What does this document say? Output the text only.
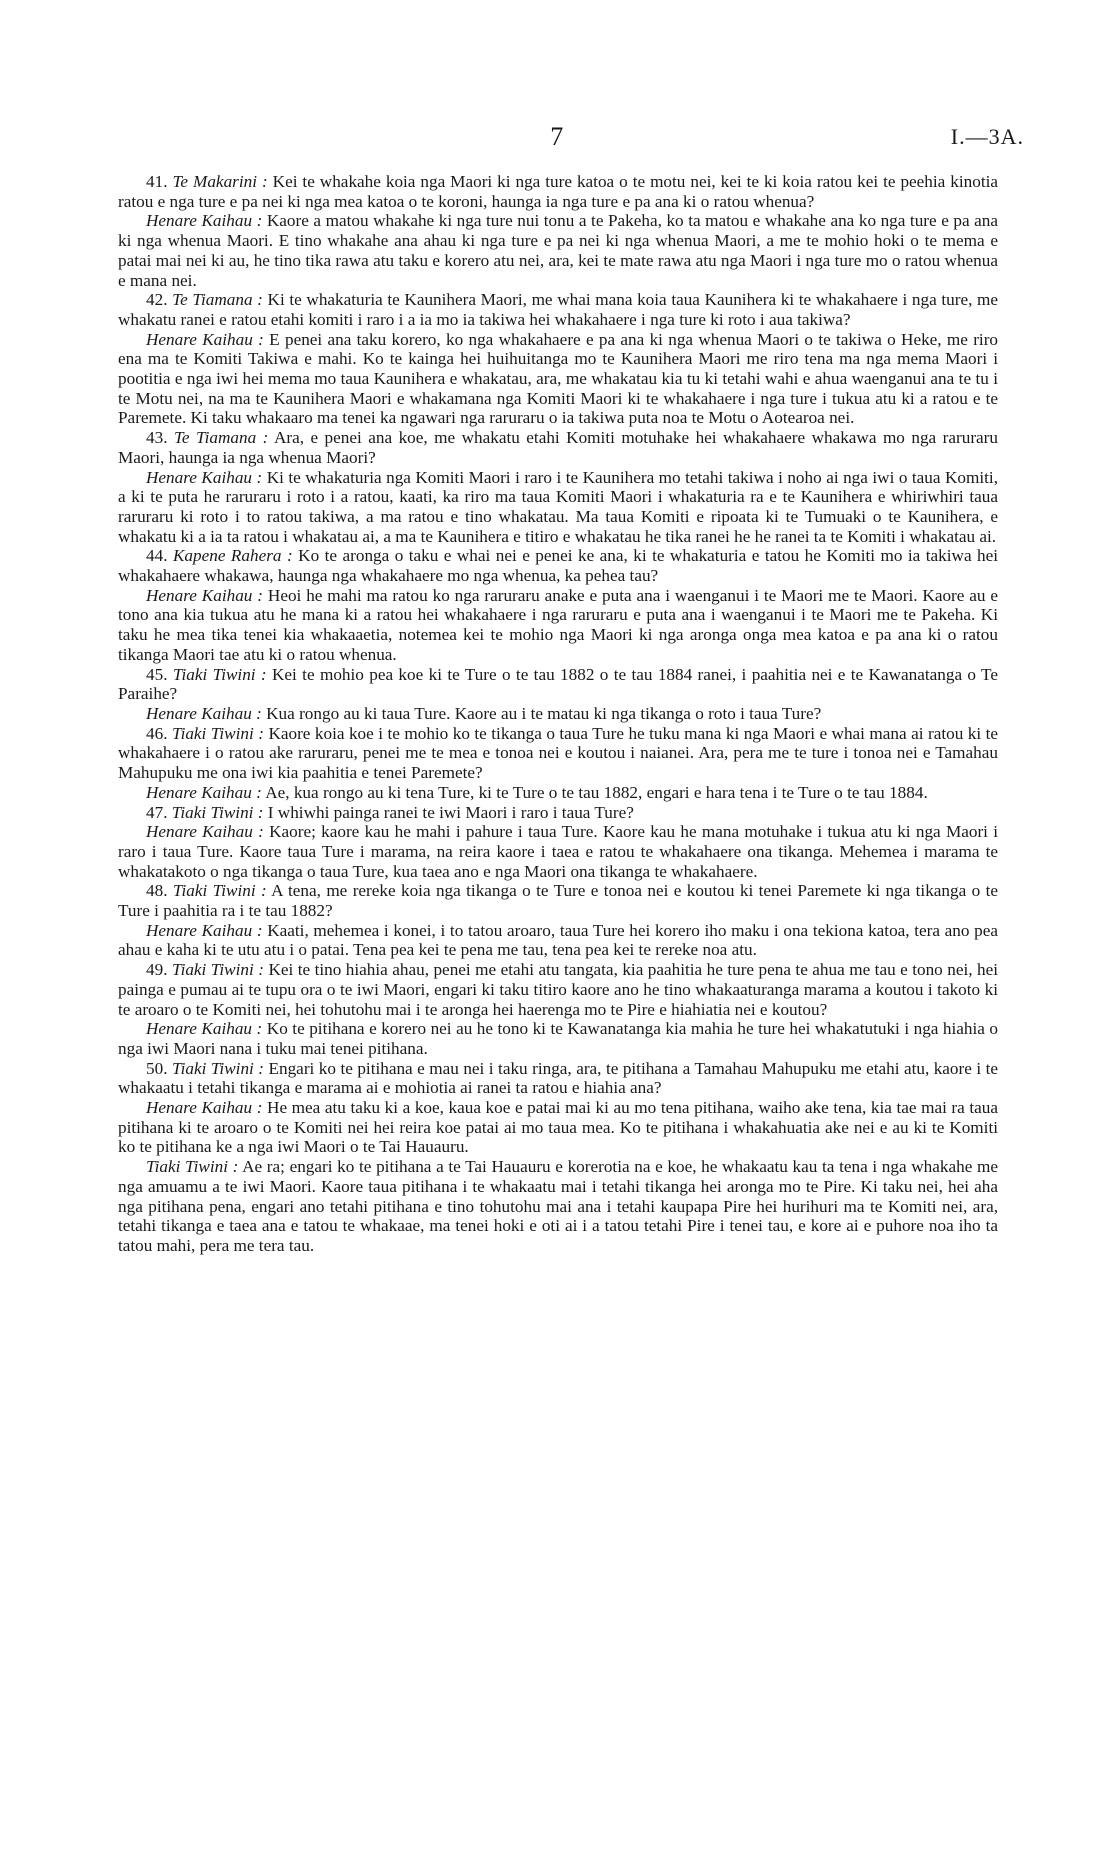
7	I.—3A.

41. Te Makarini : Kei te whakahe koia nga Maori ki nga ture katoa o te motu nei, kei te ki koia ratou kei te peehia kinotia ratou e nga ture e pa nei ki nga mea katoa o te koroni, haunga ia nga ture e pa ana ki o ratou whenua?

Henare Kaihau : Kaore a matou whakahe ki nga ture nui tonu a te Pakeha, ko ta matou e whakahe ana ko nga ture e pa ana ki nga whenua Maori. E tino whakahe ana ahau ki nga ture e pa nei ki nga whenua Maori, a me te mohio hoki o te mema e patai mai nei ki au, he tino tika rawa atu taku e korero atu nei, ara, kei te mate rawa atu nga Maori i nga ture mo o ratou whenua e mana nei.

42. Te Tiamana : Ki te whakaturia te Kaunihera Maori, me whai mana koia taua Kaunihera ki te whakahaere i nga ture, me whakatu ranei e ratou etahi komiti i raro i a ia mo ia takiwa hei whakahaere i nga ture ki roto i aua takiwa?

Henare Kaihau : E penei ana taku korero, ko nga whakahaere e pa ana ki nga whenua Maori o te takiwa o Heke, me riro ena ma te Komiti Takiwa e mahi. Ko te kainga hei huihuitanga mo te Kaunihera Maori me riro tena ma nga mema Maori i pootitia e nga iwi hei mema mo taua Kaunihera e whakatau, ara, me whakatau kia tu ki tetahi wahi e ahua waenganui ana te tu i te Motu nei, na ma te Kaunihera Maori e whakamana nga Komiti Maori ki te whakahaere i nga ture i tukua atu ki a ratou e te Paremete. Ki taku whakaaro ma tenei ka ngawari nga raruraru o ia takiwa puta noa te Motu o Aotearoa nei.

43. Te Tiamana : Ara, e penei ana koe, me whakatu etahi Komiti motuhake hei whakahaere whakawa mo nga raruraru Maori, haunga ia nga whenua Maori?

Henare Kaihau : Ki te whakaturia nga Komiti Maori i raro i te Kaunihera mo tetahi takiwa i noho ai nga iwi o taua Komiti, a ki te puta he raruraru i roto i a ratou, kaati, ka riro ma taua Komiti Maori i whakaturia ra e te Kaunihera e whiriwhiri taua raruraru ki roto i to ratou takiwa, a ma ratou e tino whakatau. Ma taua Komiti e ripoata ki te Tumuaki o te Kaunihera, e whakatu ki a ia ta ratou i whakatau ai, a ma te Kaunihera e titiro e whakatau he tika ranei he he ranei ta te Komiti i whakatau ai.

44. Kapene Rahera : Ko te aronga o taku e whai nei e penei ke ana, ki te whakaturia e tatou he Komiti mo ia takiwa hei whakahaere whakawa, haunga nga whakahaere mo nga whenua, ka pehea tau?

Henare Kaihau : Heoi he mahi ma ratou ko nga raruraru anake e puta ana i waenganui i te Maori me te Maori. Kaore au e tono ana kia tukua atu he mana ki a ratou hei whakahaere i nga raruraru e puta ana i waenganui i te Maori me te Pakeha. Ki taku he mea tika tenei kia whakaaetia, notemea kei te mohio nga Maori ki nga aronga onga mea katoa e pa ana ki o ratou tikanga Maori tae atu ki o ratou whenua.

45. Tiaki Tiwini : Kei te mohio pea koe ki te Ture o te tau 1882 o te tau 1884 ranei, i paahitia nei e te Kawanatanga o Te Paraihe?

Henare Kaihau : Kua rongo au ki taua Ture. Kaore au i te matau ki nga tikanga o roto i taua Ture?

46. Tiaki Tiwini : Kaore koia koe i te mohio ko te tikanga o taua Ture he tuku mana ki nga Maori e whai mana ai ratou ki te whakahaere i o ratou ake raruraru, penei me te mea e tonoa nei e koutou i naianei. Ara, pera me te ture i tonoa nei e Tamahau Mahupuku me ona iwi kia paahitia e tenei Paremete?

Henare Kaihau : Ae, kua rongo au ki tena Ture, ki te Ture o te tau 1882, engari e hara tena i te Ture o te tau 1884.

47. Tiaki Tiwini : I whiwhi painga ranei te iwi Maori i raro i taua Ture?

Henare Kaihau : Kaore; kaore kau he mahi i pahure i taua Ture. Kaore kau he mana motuhake i tukua atu ki nga Maori i raro i taua Ture. Kaore taua Ture i marama, na reira kaore i taea e ratou te whakahaere ona tikanga. Mehemea i marama te whakatakoto o nga tikanga o taua Ture, kua taea ano e nga Maori ona tikanga te whakahaere.

48. Tiaki Tiwini : A tena, me rereke koia nga tikanga o te Ture e tonoa nei e koutou ki tenei Paremete ki nga tikanga o te Ture i paahitia ra i te tau 1882?

Henare Kaihau : Kaati, mehemea i konei, i to tatou aroaro, taua Ture hei korero iho maku i ona tekiona katoa, tera ano pea ahau e kaha ki te utu atu i o patai. Tena pea kei te pena me tau, tena pea kei te rereke noa atu.

49. Tiaki Tiwini : Kei te tino hiahia ahau, penei me etahi atu tangata, kia paahitia he ture pena te ahua me tau e tono nei, hei painga e pumau ai te tupu ora o te iwi Maori, engari ki taku titiro kaore ano he tino whakaaturanga marama a koutou i takoto ki te aroaro o te Komiti nei, hei tohutohu mai i te aronga hei haerenga mo te Pire e hiahiatia nei e koutou?

Henare Kaihau : Ko te pitihana e korero nei au he tono ki te Kawanatanga kia mahia he ture hei whakatutuki i nga hiahia o nga iwi Maori nana i tuku mai tenei pitihana.

50. Tiaki Tiwini : Engari ko te pitihana e mau nei i taku ringa, ara, te pitihana a Tamahau Mahupuku me etahi atu, kaore i te whakaatu i tetahi tikanga e marama ai e mohiotia ai ranei ta ratou e hiahia ana?

Henare Kaihau : He mea atu taku ki a koe, kaua koe e patai mai ki au mo tena pitihana, waiho ake tena, kia tae mai ra taua pitihana ki te aroaro o te Komiti nei hei reira koe patai ai mo taua mea. Ko te pitihana i whakahuatia ake nei e au ki te Komiti ko te pitihana ke a nga iwi Maori o te Tai Hauauru.

Tiaki Tiwini : Ae ra; engari ko te pitihana a te Tai Hauauru e korerotia na e koe, he whakaatu kau ta tena i nga whakahe me nga amuamu a te iwi Maori. Kaore taua pitihana i te whakaatu mai i tetahi tikanga hei aronga mo te Pire. Ki taku nei, hei aha nga pitihana pena, engari ano tetahi pitihana e tino tohutohu mai ana i tetahi kaupapa Pire hei hurihuri ma te Komiti nei, ara, tetahi tikanga e taea ana e tatou te whakaae, ma tenei hoki e oti ai i a tatou tetahi Pire i tenei tau, e kore ai e puhore noa iho ta tatou mahi, pera me tera tau.
